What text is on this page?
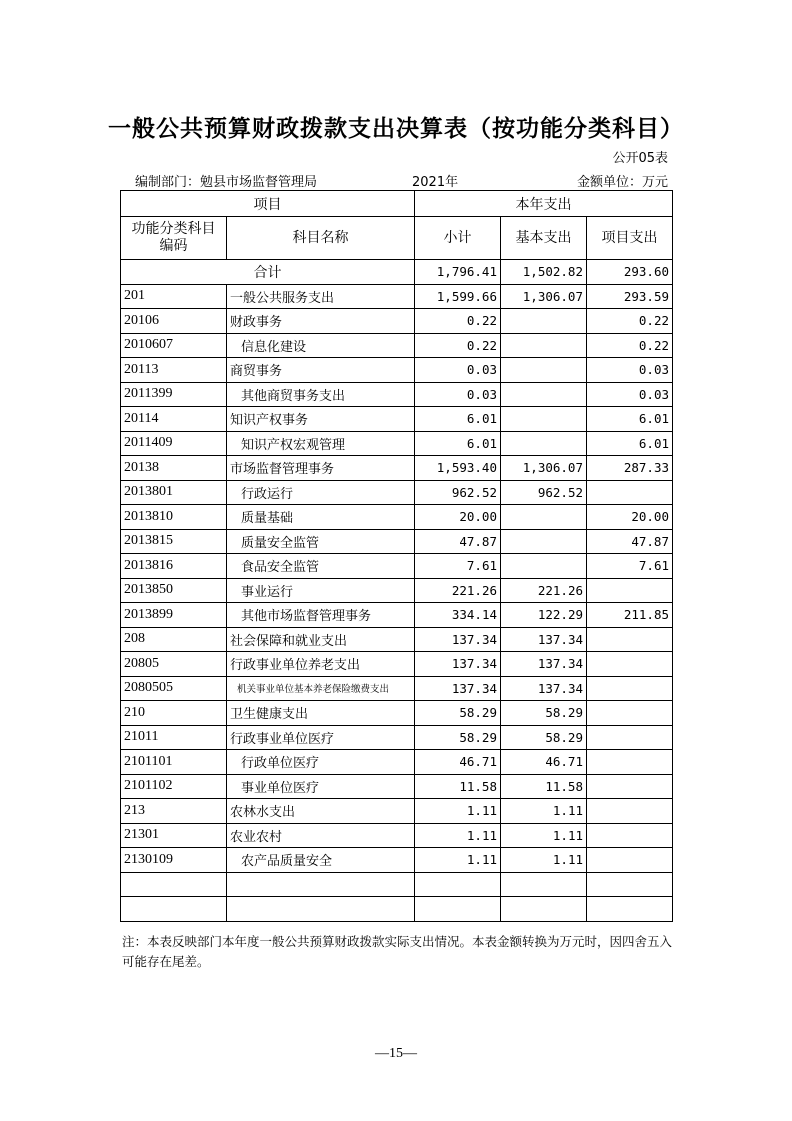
一般公共预算财政拨款支出决算表（按功能分类科目）
公开05表
编制部门：勉县市场监督管理局	2021年	金额单位：万元
项目		本年支出		
功能分类科目编码	科目名称	小计	基本支出	项目支出
合计		1,796.41	1,502.82	293.60
201	一般公共服务支出	1,599.66	1,306.07	293.59
20106	财政事务	0.22		0.22
2010607	信息化建设	0.22		0.22
20113	商贸事务	0.03		0.03
2011399	其他商贸事务支出	0.03		0.03
20114	知识产权事务	6.01		6.01
2011409	知识产权宏观管理	6.01		6.01
20138	市场监督管理事务	1,593.40	1,306.07	287.33
2013801	行政运行	962.52	962.52	
2013810	质量基础	20.00		20.00
2013815	质量安全监管	47.87		47.87
2013816	食品安全监管	7.61		7.61
2013850	事业运行	221.26	221.26	
2013899	其他市场监督管理事务	334.14	122.29	211.85
208	社会保障和就业支出	137.34	137.34	
20805	行政事业单位养老支出	137.34	137.34	
2080505	机关事业单位基本养老保险缴费支出	137.34	137.34	
210	卫生健康支出	58.29	58.29	
21011	行政事业单位医疗	58.29	58.29	
2101101	行政单位医疗	46.71	46.71	
2101102	事业单位医疗	11.58	11.58	
213	农林水支出	1.11	1.11	
21301	农业农村	1.11	1.11	
2130109	农产品质量安全	1.11	1.11	

注：本表反映部门本年度一般公共预算财政拨款实际支出情况。本表金额转换为万元时，因四舍五入可能存在尾差。
—15—
